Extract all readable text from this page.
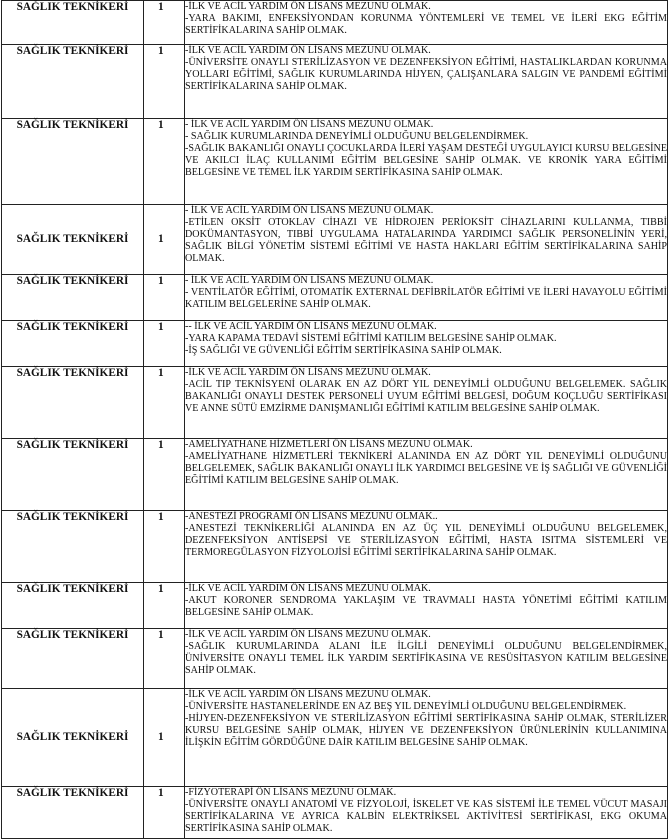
SAĞLIK TEKNİKERİ	1	-İLK VE ACİL YARDIM ÖN LİSANS MEZUNU OLMAK.
-YARA BAKIMI, ENFEKSİYONDAN KORUNMA YÖNTEMLERİ VE TEMEL VE İLERİ EKG EĞİTİM SERTİFİKALARINA SAHİP OLMAK.

SAĞLIK TEKNİKERİ	1	-İLK VE ACİL YARDIM ÖN LİSANS MEZUNU OLMAK.
-ÜNİVERSİTE ONAYLI STERİLİZASYON VE DEZENFEKSİYON EĞİTİMİ, HASTALIKLARDAN KORUNMA YOLLARI EĞİTİMİ, SAĞLIK KURUMLARINDA HİJYEN, ÇALIŞANLARA SALGIN VE PANDEMİ EĞİTİMİ SERTİFİKALARINA SAHİP OLMAK.

SAĞLIK TEKNİKERİ	1	- İLK VE ACİL YARDIM ÖN LİSANS MEZUNU OLMAK.
- SAĞLIK KURUMLARINDA DENEYİMLİ OLDUĞUNU BELGELENDİRMEK.
-SAĞLIK BAKANLIĞI ONAYLI ÇOCUKLARDA İLERİ YAŞAM DESTEĞİ UYGULAYICI KURSU BELGESİNE VE AKILCI İLAÇ KULLANIMI EĞİTİM BELGESİNE SAHİP OLMAK. VE KRONİK YARA EĞİTİMİ BELGESİNE VE TEMEL İLK YARDIM SERTİFİKASINA SAHİP OLMAK.

SAĞLIK TEKNİKERİ	1	- İLK VE ACİL YARDIM ÖN LİSANS MEZUNU OLMAK.
-ETİLEN OKSİT OTOKLAV CİHAZI VE HİDROJEN PERİOKSİT CİHAZLARINI KULLANMA, TIBBİ DOKÜMANTASYON, TIBBİ UYGULAMA HATALARINDA YARDIMCI SAĞLIK PERSONELİNİN YERİ, SAĞLIK BİLGİ YÖNETİM SİSTEMİ EĞİTİMİ VE HASTA HAKLARI EĞİTİM SERTİFİKALARINA SAHİP OLMAK.

SAĞLIK TEKNİKERİ	1	- İLK VE ACİL YARDIM ÖN LİSANS MEZUNU OLMAK.
- VENTİLATÖR EĞİTİMİ, OTOMATİK EXTERNAL DEFİBRİLATÖR EĞİTİMİ VE İLERİ HAVAYOLU EĞİTİMİ KATILIM BELGELERİNE SAHİP OLMAK.

SAĞLIK TEKNİKERİ	1	-- İLK VE ACİL YARDIM ÖN LİSANS MEZUNU OLMAK.
-YARA KAPAMA TEDAVİ SİSTEMİ EĞİTİMİ KATILIM BELGESİNE SAHİP OLMAK.
-İŞ SAĞLIĞI VE GÜVENLİĞİ EĞİTİM SERTİFİKASINA SAHİP OLMAK.

SAĞLIK TEKNİKERİ	1	-İLK VE ACİL YARDIM ÖN LİSANS MEZUNU OLMAK.
-ACİL TIP TEKNİSYENİ OLARAK EN AZ DÖRT YIL DENEYİMLİ OLDUĞUNU BELGELEMEK. SAĞLIK BAKANLIĞI ONAYLI DESTEK PERSONELİ UYUM EĞİTİMİ BELGESİ, DOĞUM KOÇLUĞU SERTİFİKASI VE ANNE SÜTÜ EMZİRME DANIŞMANLIĞI EĞİTİMİ KATILIM BELGESİNE SAHİP OLMAK.

SAĞLIK TEKNİKERİ	1	-AMELİYATHANE HİZMETLERİ ÖN LİSANS MEZUNU OLMAK.
-AMELİYATHANE HİZMETLERİ TEKNİKERİ ALANINDA EN AZ DÖRT YIL DENEYİMLİ OLDUĞUNU BELGELEMEK, SAĞLIK BAKANLIĞI ONAYLI İLK YARDIMCI BELGESİNE VE İŞ SAĞLIĞI VE GÜVENLİĞİ EĞİTİMİ KATILIM BELGESİNE SAHİP OLMAK.

SAĞLIK TEKNİKERİ	1	-ANESTEZİ PROGRAMI ÖN LİSANS MEZUNU OLMAK..
-ANESTEZİ TEKNİKERLİĞİ ALANINDA EN AZ ÜÇ YIL DENEYİMLİ OLDUĞUNU BELGELEMEK, DEZENFEKSİYON ANTİSEPSİ VE STERİLİZASYON EĞİTİMİ, HASTA ISITMA SİSTEMLERİ VE TERMOREGÜLASYON FİZYOLOJİSİ EĞİTİMİ SERTİFİKALARINA SAHİP OLMAK.

SAĞLIK TEKNİKERİ	1	-İLK VE ACİL YARDIM ÖN LİSANS MEZUNU OLMAK.
-AKUT KORONER SENDROMA YAKLAŞIM VE TRAVMALI HASTA YÖNETİMİ EĞİTİMİ KATILIM BELGESİNE SAHİP OLMAK.

SAĞLIK TEKNİKERİ	1	-İLK VE ACİL YARDIM ÖN LİSANS MEZUNU OLMAK.
-SAĞLIK KURUMLARINDA ALANI İLE İLGİLİ DENEYİMLİ OLDUĞUNU BELGELENDİRMEK, ÜNİVERSİTE ONAYLI TEMEL İLK YARDIM SERTİFİKASINA VE RESÜSİTASYON KATILIM BELGESİNE SAHİP OLMAK.

SAĞLIK TEKNİKERİ	1	-İLK VE ACİL YARDIM ÖN LİSANS MEZUNU OLMAK.
-ÜNİVERSİTE HASTANELERİNDE EN AZ BEŞ YIL DENEYİMLİ OLDUĞUNU BELGELENDİRMEK.
-HİJYEN-DEZENFEKSİYON VE STERİLİZASYON EĞİTİMİ SERTİFİKASINA SAHİP OLMAK, STERİLİZER KURSU BELGESİNE SAHİP OLMAK, HİJYEN VE DEZENFEKSİYON ÜRÜNLERİNİN KULLANIMINA İLİŞKİN EĞİTİM GÖRDÜĞÜNE DAİR KATILIM BELGESİNE SAHİP OLMAK.

SAĞLIK TEKNİKERİ	1	-FİZYOTERAPİ ÖN LİSANS MEZUNU OLMAK.
-ÜNİVERSİTE ONAYLI ANATOMİ VE FİZYOLOJİ, İSKELET VE KAS SİSTEMİ İLE TEMEL VÜCUT MASAJI SERTİFİKALARINA VE AYRICA KALBİN ELEKTRİKSEL AKTİVİTESİ SERTİFİKASI, EKG OKUMA SERTİFİKASINA SAHİP OLMAK.
